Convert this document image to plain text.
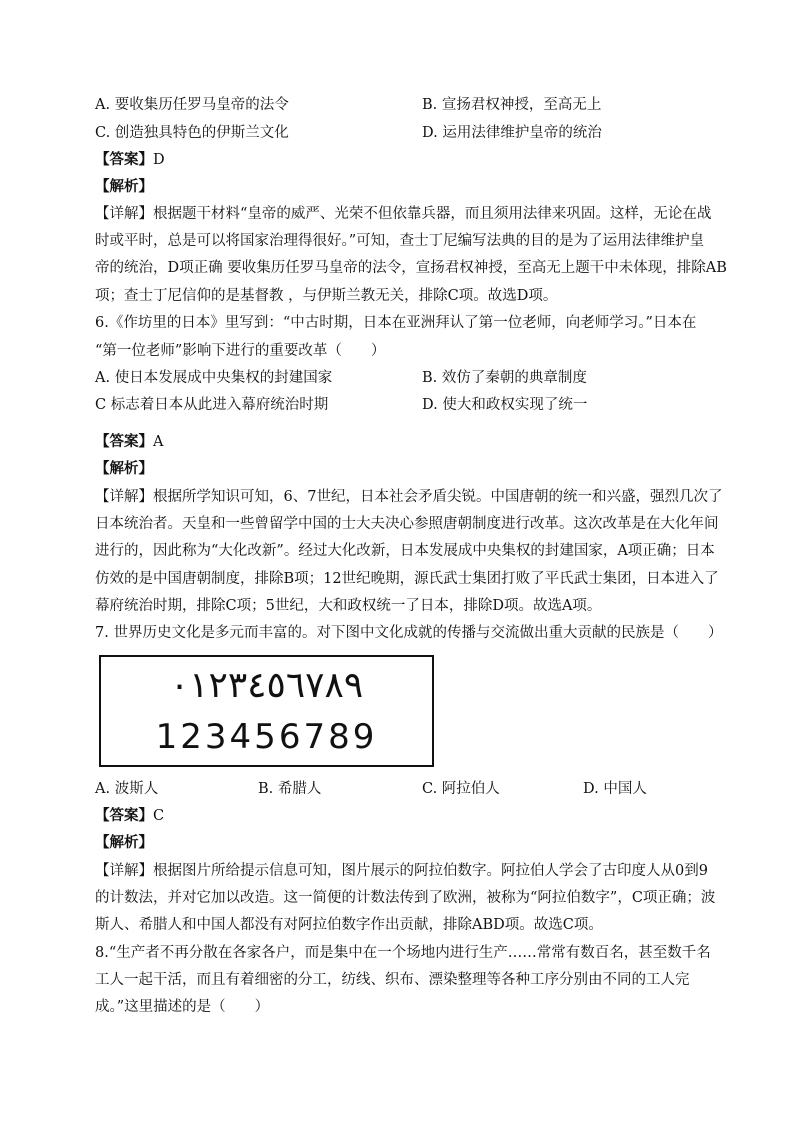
A. 要收集历任罗马皇帝的法令	B. 宣扬君权神授，至高无上
C. 创造独具特色的伊斯兰文化	D. 运用法律维护皇帝的统治
【答案】D
【解析】
【详解】根据题干材料“皇帝的威严、光荣不但依靠兵器，而且须用法律来巩固。这样，无论在战
时或平时，总是可以将国家治理得很好。”可知，查士丁尼编写法典的目的是为了运用法律维护皇
帝的统治，D项正确 要收集历任罗马皇帝的法令，宣扬君权神授，至高无上题干中未体现，排除AB
项；查士丁尼信仰的是基督教 ，与伊斯兰教无关，排除C项。故选D项。
6.《作坊里的日本》里写到：“中古时期，日本在亚洲拜认了第一位老师，向老师学习。”日本在
“第一位老师”影响下进行的重要改革（　　）
A. 使日本发展成中央集权的封建国家	B. 效仿了秦朝的典章制度
C 标志着日本从此进入幕府统治时期	D. 使大和政权实现了统一
【答案】A
【解析】
【详解】根据所学知识可知，6、7世纪，日本社会矛盾尖锐。中国唐朝的统一和兴盛，强烈几次了
日本统治者。天皇和一些曾留学中国的士大夫决心参照唐朝制度进行改革。这次改革是在大化年间
进行的，因此称为“大化改新”。经过大化改新，日本发展成中央集权的封建国家，A项正确；日本
仿效的是中国唐朝制度，排除B项；12世纪晚期，源氏武士集团打败了平氏武士集团，日本进入了
幕府统治时期，排除C项；5世纪，大和政权统一了日本，排除D项。故选A项。
7. 世界历史文化是多元而丰富的。对下图中文化成就的传播与交流做出重大贡献的民族是（　　）
٠١٢٣٤٥٦٧٨٩
123456789
A. 波斯人	B. 希腊人	C. 阿拉伯人	D. 中国人
【答案】C
【解析】
【详解】根据图片所给提示信息可知，图片展示的阿拉伯数字。阿拉伯人学会了古印度人从0到9
的计数法，并对它加以改造。这一简便的计数法传到了欧洲，被称为“阿拉伯数字”，C项正确；波
斯人、希腊人和中国人都没有对阿拉伯数字作出贡献，排除ABD项。故选C项。
8.“生产者不再分散在各家各户，而是集中在一个场地内进行生产……常常有数百名，甚至数千名
工人一起干活，而且有着细密的分工，纺线、织布、漂染整理等各种工序分别由不同的工人完
成。”这里描述的是（　　）
